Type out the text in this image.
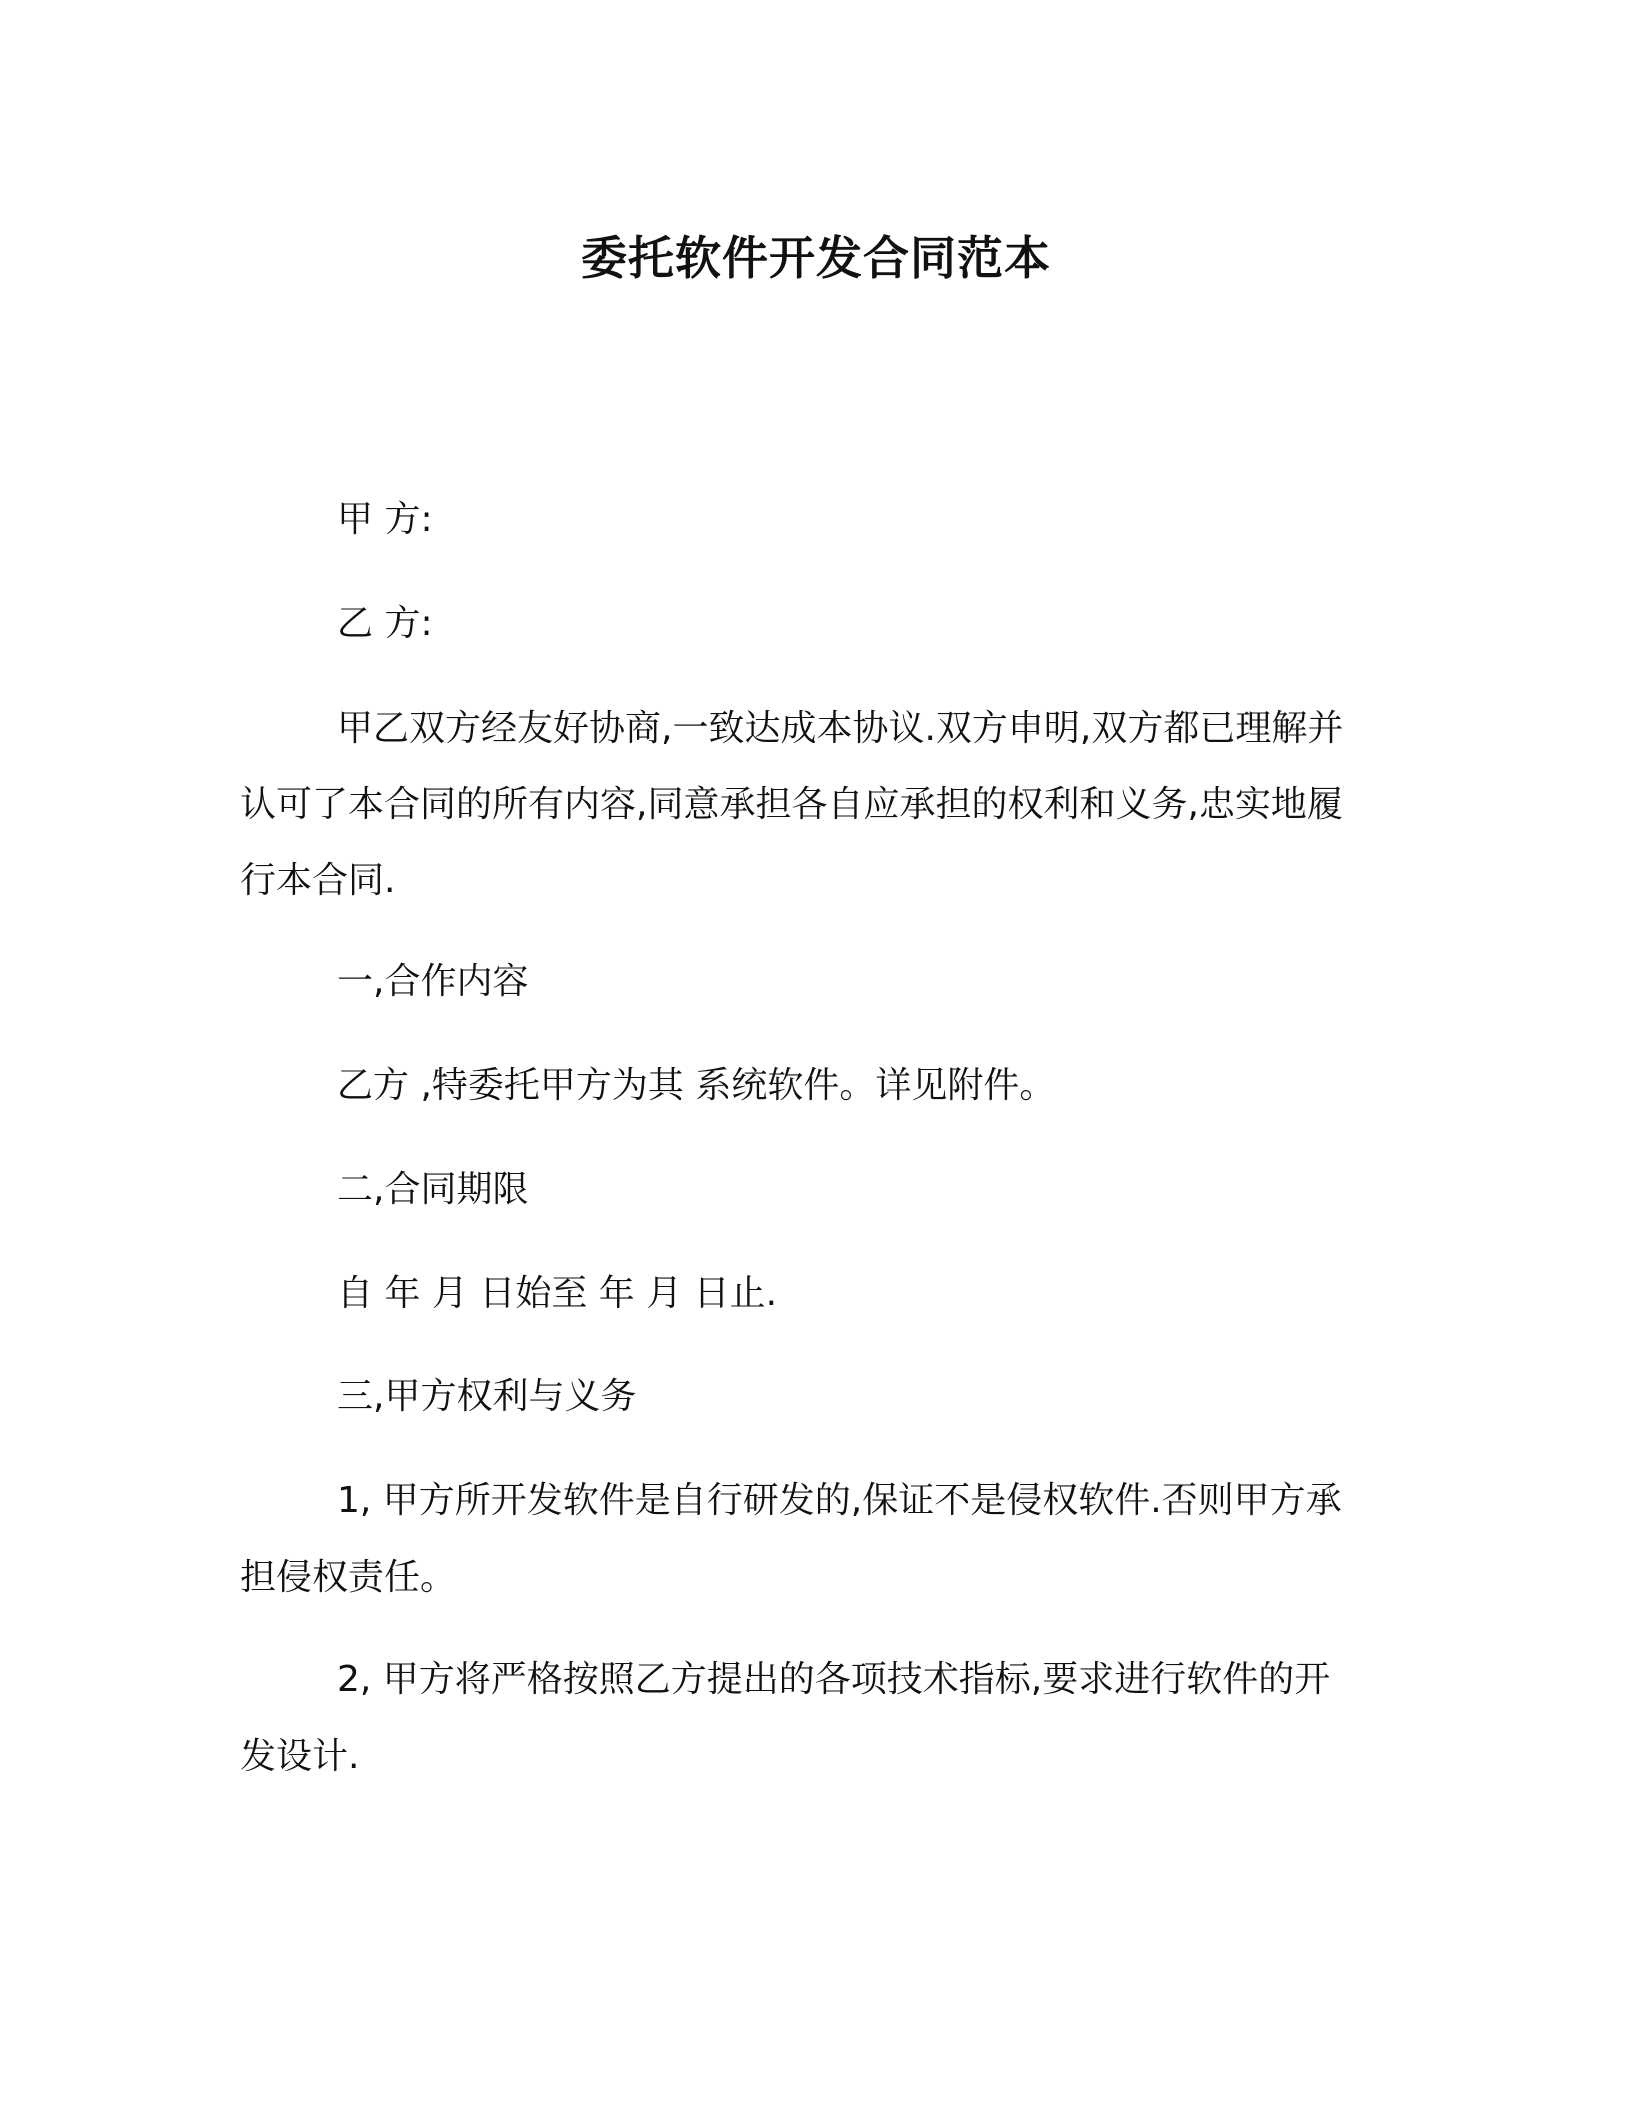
委托软件开发合同范本

甲 方:

乙 方:

甲乙双方经友好协商,一致达成本协议.双方申明,双方都已理解并

认可了本合同的所有内容,同意承担各自应承担的权利和义务,忠实地履

行本合同.

一,合作内容

乙方 ,特委托甲方为其 系统软件。详见附件。

二,合同期限

自 年 月 日始至 年 月 日止.

三,甲方权利与义务

1, 甲方所开发软件是自行研发的,保证不是侵权软件.否则甲方承

担侵权责任。

2, 甲方将严格按照乙方提出的各项技术指标,要求进行软件的开

发设计.
